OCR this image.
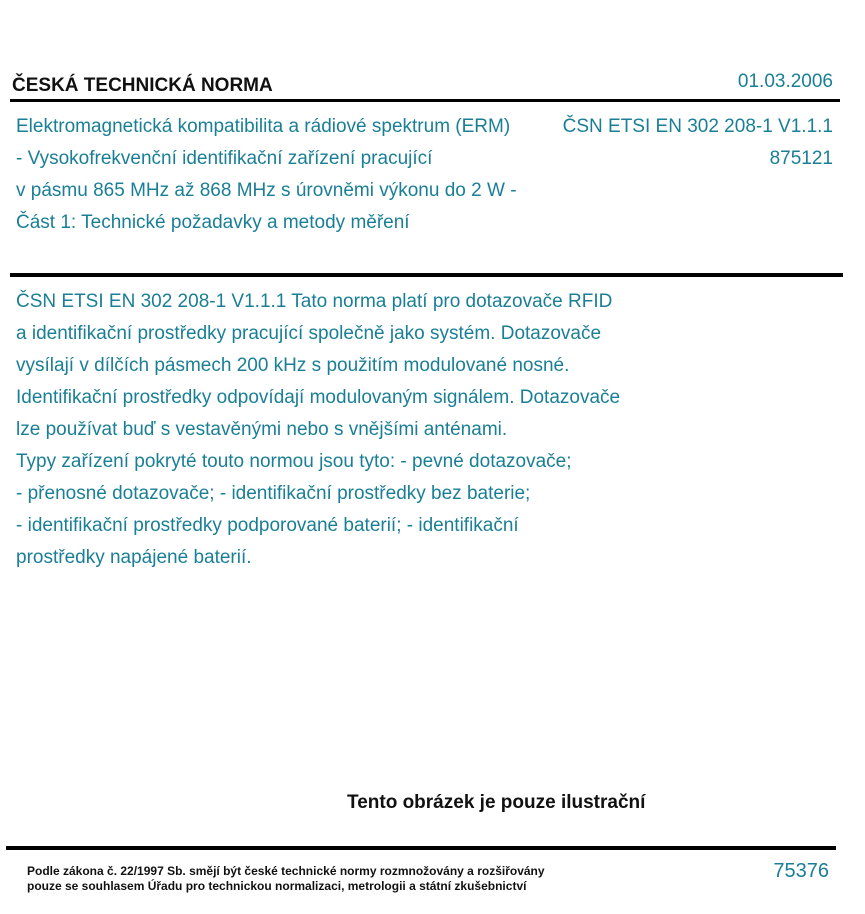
ČESKÁ TECHNICKÁ NORMA	01.03.2006
Elektromagnetická kompatibilita a rádiové spektrum (ERM)	ČSN ETSI EN 302 208-1 V1.1.1
- Vysokofrekvenční identifikační zařízení pracující	875121
v pásmu 865 MHz až 868 MHz s úrovněmi výkonu do 2 W -
Část 1: Technické požadavky a metody měření
ČSN ETSI EN 302 208-1 V1.1.1 Tato norma platí pro dotazovače RFID
a identifikační prostředky pracující společně jako systém. Dotazovače
vysílají v dílčích pásmech 200 kHz s použitím modulované nosné.
Identifikační prostředky odpovídají modulovaným signálem. Dotazovače
lze používat buď s vestavěnými nebo s vnějšími anténami.
Typy zařízení pokryté touto normou jsou tyto: - pevné dotazovače;
- přenosné dotazovače; - identifikační prostředky bez baterie;
- identifikační prostředky podporované baterií; - identifikační
prostředky napájené baterií.
Tento obrázek je pouze ilustrační
Podle zákona č. 22/1997 Sb. smějí být české technické normy rozmnožovány a rozšiřovány
pouze se souhlasem Úřadu pro technickou normalizaci, metrologii a státní zkušebnictví
75376
